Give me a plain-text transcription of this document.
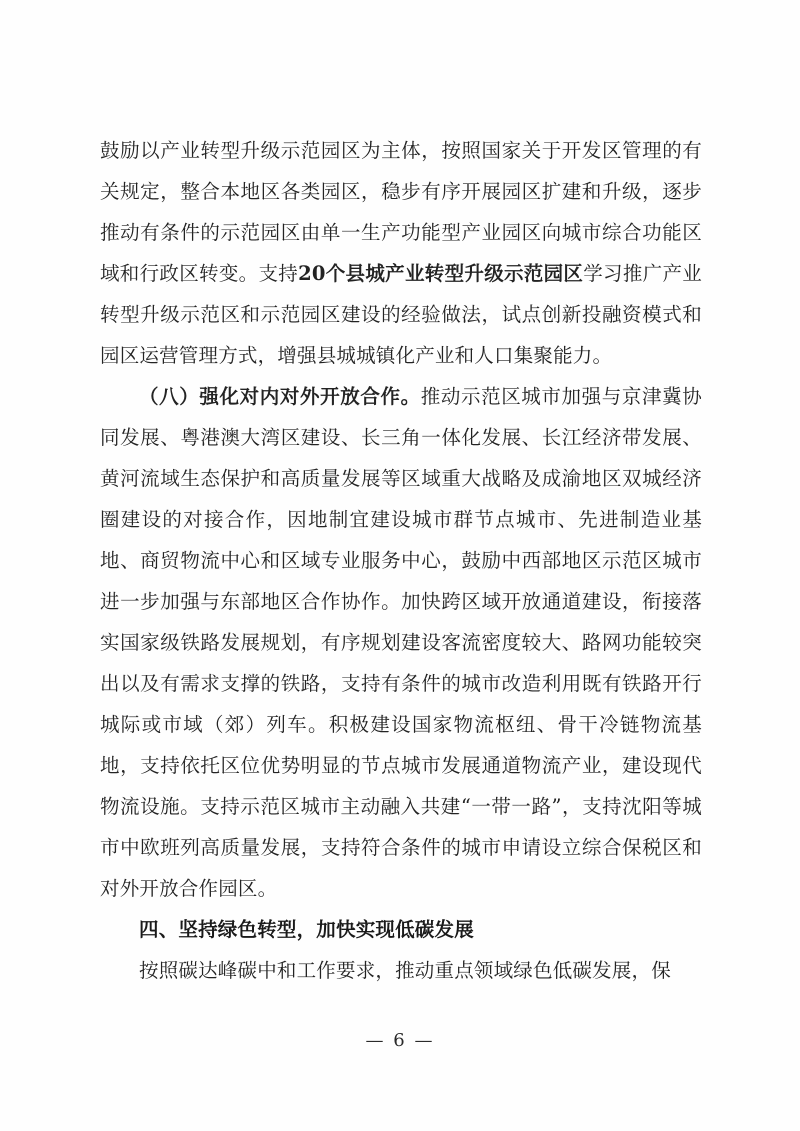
鼓励以产业转型升级示范园区为主体，按照国家关于开发区管理的有关规定，整合本地区各类园区，稳步有序开展园区扩建和升级，逐步推动有条件的示范园区由单一生产功能型产业园区向城市综合功能区域和行政区转变。支持20个县城产业转型升级示范园区学习推广产业转型升级示范区和示范园区建设的经验做法，试点创新投融资模式和园区运营管理方式，增强县城城镇化产业和人口集聚能力。

（八）强化对内对外开放合作。推动示范区城市加强与京津冀协同发展、粤港澳大湾区建设、长三角一体化发展、长江经济带发展、黄河流域生态保护和高质量发展等区域重大战略及成渝地区双城经济圈建设的对接合作，因地制宜建设城市群节点城市、先进制造业基地、商贸物流中心和区域专业服务中心，鼓励中西部地区示范区城市进一步加强与东部地区合作协作。加快跨区域开放通道建设，衔接落实国家级铁路发展规划，有序规划建设客流密度较大、路网功能较突出以及有需求支撑的铁路，支持有条件的城市改造利用既有铁路开行城际或市域（郊）列车。积极建设国家物流枢纽、骨干冷链物流基地，支持依托区位优势明显的节点城市发展通道物流产业，建设现代物流设施。支持示范区城市主动融入共建“一带一路”，支持沈阳等城市中欧班列高质量发展，支持符合条件的城市申请设立综合保税区和对外开放合作园区。

四、坚持绿色转型，加快实现低碳发展

按照碳达峰碳中和工作要求，推动重点领域绿色低碳发展，保

— 6 —
